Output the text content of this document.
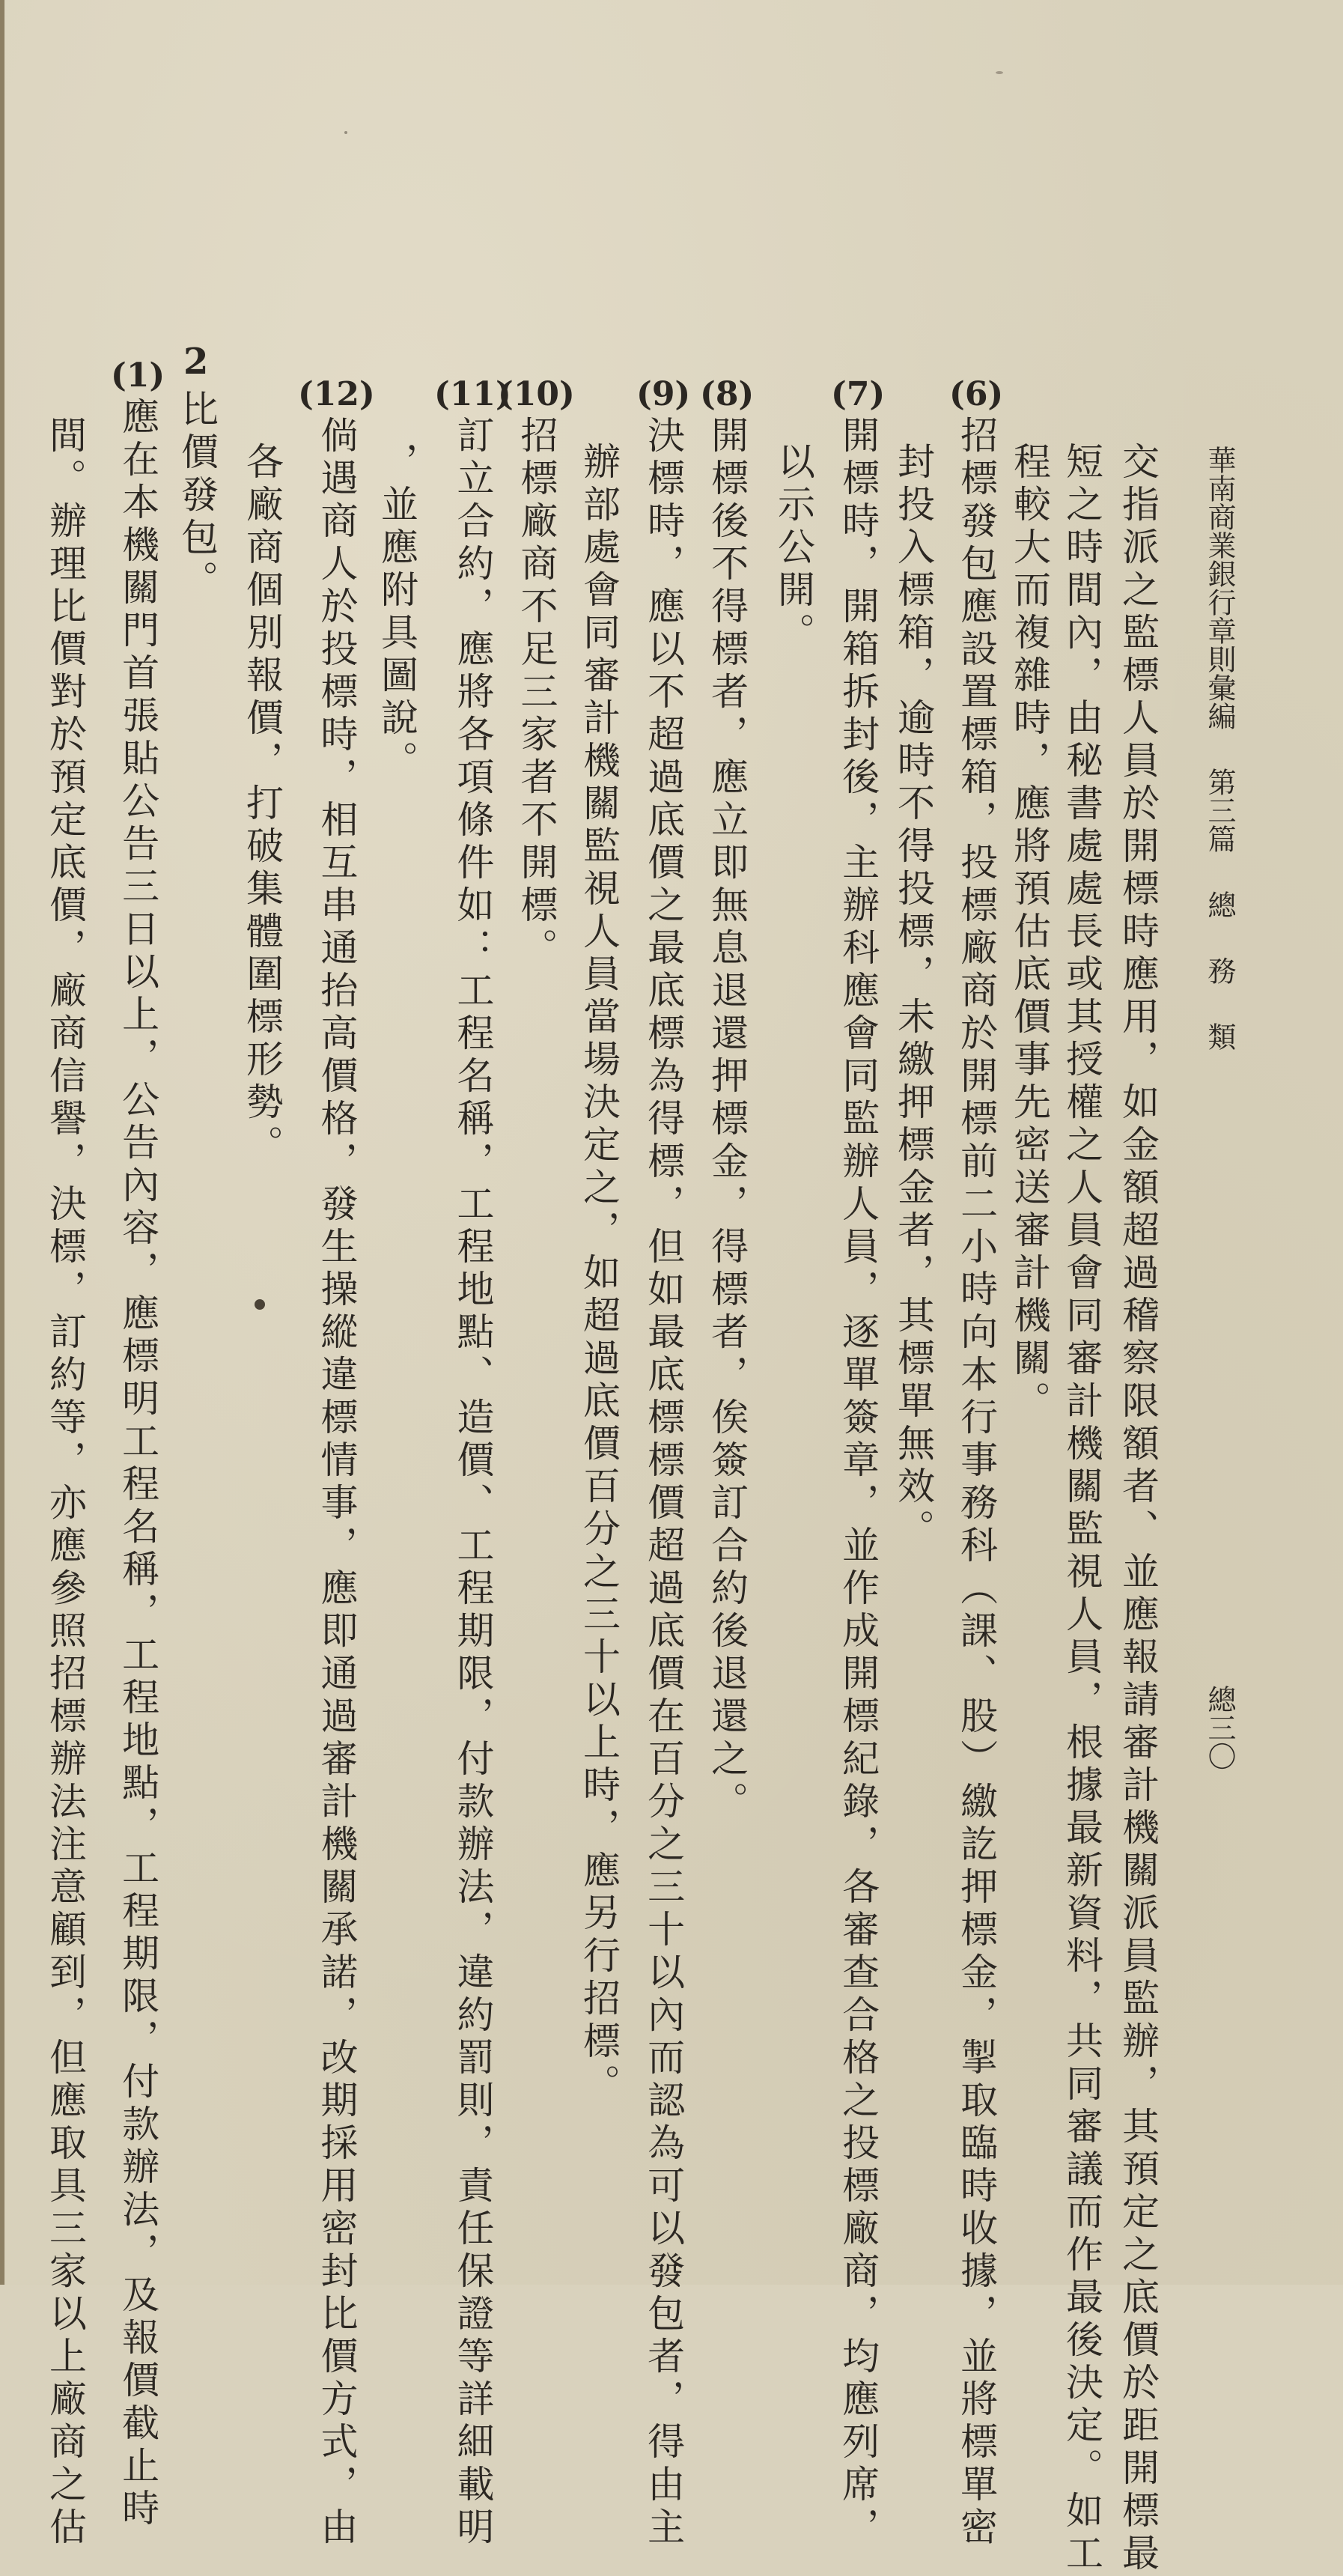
華南商業銀行章則彙編第三篇總務類
總三〇
交指派之監標人員於開標時應用，如金額超過稽察限額者、並應報請審計機關派員監辦，其預定之底價於距開標最
短之時間內，由秘書處處長或其授權之人員會同審計機關監視人員，根據最新資料，共同審議而作最後決定。如工
程較大而複雜時，應將預估底價事先密送審計機關。
(6)招標發包應設置標箱，投標廠商於開標前二小時向本行事務科（課、股）繳訖押標金，掣取臨時收據，並將標單密
封投入標箱，逾時不得投標，未繳押標金者，其標單無效。
(7)開標時，開箱拆封後，主辦科應會同監辦人員，逐單簽章，並作成開標紀錄，各審查合格之投標廠商，均應列席，
以示公開。
(8)開標後不得標者，應立即無息退還押標金，得標者，俟簽訂合約後退還之。
(9)決標時，應以不超過底價之最底標為得標，但如最底標標價超過底價在百分之三十以內而認為可以發包者，得由主
辦部處會同審計機關監視人員當場決定之，如超過底價百分之三十以上時，應另行招標。
(10)招標廠商不足三家者不開標。
(11)訂立合約，應將各項條件如：工程名稱，工程地點、造價、工程期限，付款辦法，違約罰則，責任保證等詳細載明
，並應附具圖說。
(12)倘遇商人於投標時，相互串通抬高價格，發生操縱違標情事，應即通過審計機關承諾，改期採用密封比價方式，由
各廠商個別報價，打破集體圍標形勢。
2
比價發包。
(1)應在本機關門首張貼公告三日以上，公告內容，應標明工程名稱，工程地點，工程期限，付款辦法，及報價截止時
間。辦理比價對於預定底價，廠商信譽，決標，訂約等，亦應參照招標辦法注意顧到，但應取具三家以上廠商之估
